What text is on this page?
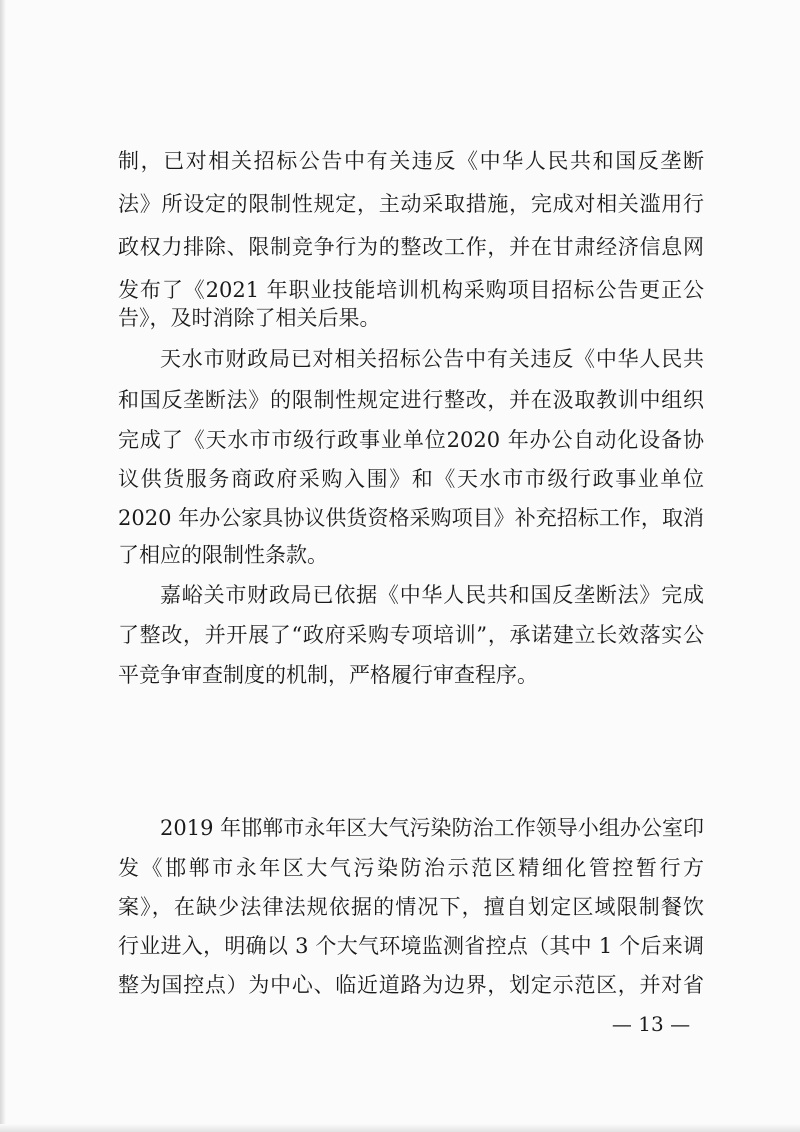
制，已对相关招标公告中有关违反《中华人民共和国反垄断
法》所设定的限制性规定，主动采取措施，完成对相关滥用行
政权力排除、限制竞争行为的整改工作，并在甘肃经济信息网
发布了《2021 年职业技能培训机构采购项目招标公告更正公
告》，及时消除了相关后果。
天水市财政局已对相关招标公告中有关违反《中华人民共
和国反垄断法》的限制性规定进行整改，并在汲取教训中组织
完成了《天水市市级行政事业单位2020 年办公自动化设备协
议供货服务商政府采购入围》和《天水市市级行政事业单位
2020 年办公家具协议供货资格采购项目》补充招标工作，取消
了相应的限制性条款。
嘉峪关市财政局已依据《中华人民共和国反垄断法》完成
了整改，并开展了“政府采购专项培训”，承诺建立长效落实公
平竞争审查制度的机制，严格履行审查程序。
2019 年邯郸市永年区大气污染防治工作领导小组办公室印
发《邯郸市永年区大气污染防治示范区精细化管控暂行方
案》，在缺少法律法规依据的情况下，擅自划定区域限制餐饮
行业进入，明确以 3 个大气环境监测省控点（其中 1 个后来调
整为国控点）为中心、临近道路为边界，划定示范区，并对省
— 13 —
